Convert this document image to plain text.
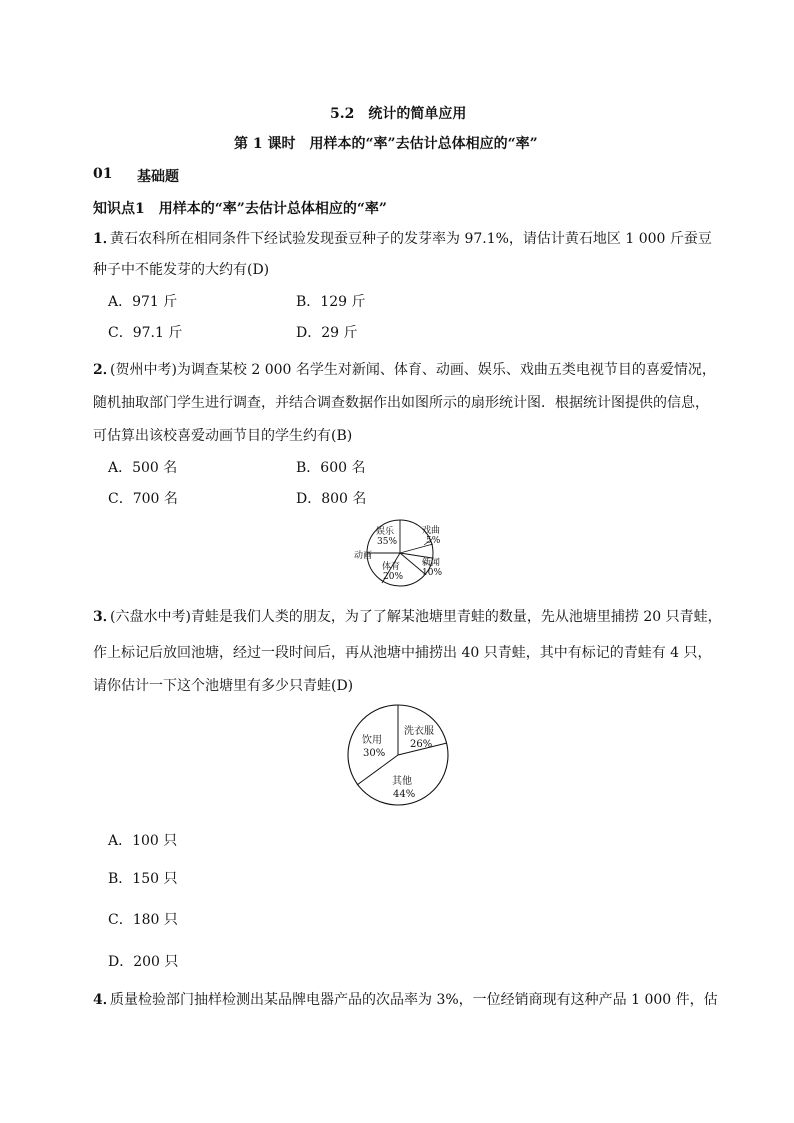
5.2　统计的简单应用
第 1 课时　用样本的“率”去估计总体相应的“率”
01 基础题
知识点1　用样本的“率”去估计总体相应的“率”
1．
黄石农科所在相同条件下经试验发现蚕豆种子的发芽率为 97.1%，请估计黄石地区 1 000 斤蚕豆
种子中不能发芽的大约有(D)
A．971 斤	B．129 斤
C．97.1 斤	D．29 斤
2．
(贺州中考)为调查某校 2 000 名学生对新闻、体育、动画、娱乐、戏曲五类电视节目的喜爱情况，
随机抽取部门学生进行调查，并结合调查数据作出如图所示的扇形统计图．根据统计图提供的信息，
可估算出该校喜爱动画节目的学生约有(B)
A．500 名	B．600 名
C．700 名	D．800 名
娱乐
35%
戏曲
5%
新闻
10%
动画
体育
20%
3．
(六盘水中考)青蛙是我们人类的朋友，为了了解某池塘里青蛙的数量，先从池塘里捕捞 20 只青蛙，
作上标记后放回池塘，经过一段时间后，再从池塘中捕捞出 40 只青蛙，其中有标记的青蛙有 4 只，
请你估计一下这个池塘里有多少只青蛙(D)
饮用
30%
洗衣服
26%
其他
44%
A．100 只
B．150 只
C．180 只
D．200 只
4．
质量检验部门抽样检测出某品牌电器产品的次品率为 3%，一位经销商现有这种产品 1 000 件，估
